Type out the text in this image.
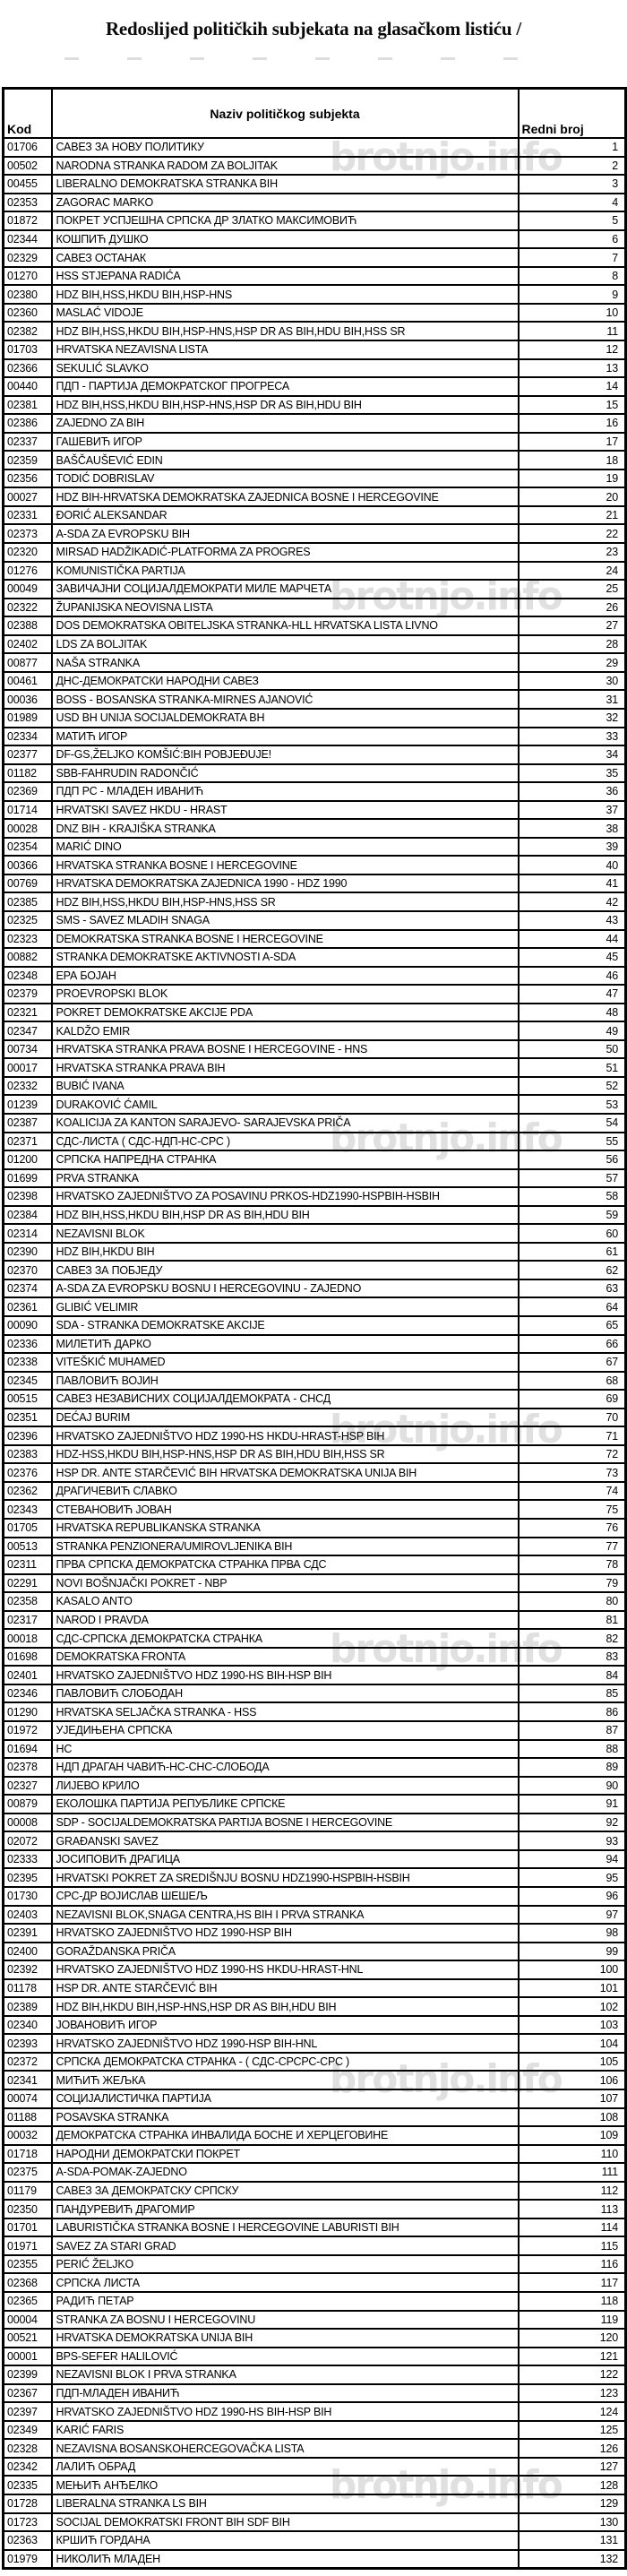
Redoslijed političkih subjekata na glasačkom listiću /
brotnjo.info
brotnjo.info
brotnjo.info
brotnjo.info
brotnjo.info
brotnjo.info
brotnjo.info
Kod	Naziv političkog subjekta	Redni broj
01706	САВЕЗ ЗА НОВУ ПОЛИТИКУ	1
00502	NARODNA STRANKA RADOM ZA BOLJITAK	2
00455	LIBERALNO DEMOKRATSKA STRANKA BIH	3
02353	ZAGORAC MARKO	4
01872	ПОКРЕТ УСПЈЕШНА СРПСКА ДР ЗЛАТКО МАКСИМОВИЋ	5
02344	КОШПИЋ ДУШКО	6
02329	САВЕЗ ОСТАНАК	7
01270	HSS STJEPANA RADIĆA	8
02380	HDZ BIH,HSS,HKDU BIH,HSP-HNS	9
02360	MASLAĆ VIDOJE	10
02382	HDZ BIH,HSS,HKDU BIH,HSP-HNS,HSP DR AS BIH,HDU BIH,HSS SR	11
01703	HRVATSKA NEZAVISNA LISTA	12
02366	SEKULIĆ SLAVKO	13
00440	ПДП - ПАРТИЈА ДЕМОКРАТСКОГ ПРОГРЕСА	14
02381	HDZ BIH,HSS,HKDU BIH,HSP-HNS,HSP DR AS BIH,HDU BIH	15
02386	ZAJEDNO ZA BIH	16
02337	ГАШЕВИЋ ИГОР	17
02359	BAŠČAUŠEVIĆ EDIN	18
02356	TODIĆ DOBRISLAV	19
00027	HDZ BIH-HRVATSKA DEMOKRATSKA ZAJEDNICA BOSNE I HERCEGOVINE	20
02331	ĐORIĆ ALEKSANDAR	21
02373	A-SDA ZA EVROPSKU BIH	22
02320	MIRSAD HADŽIKADIĆ-PLATFORMA ZA PROGRES	23
01276	KOMUNISTIČKA PARTIJA	24
00049	ЗАВИЧАЈНИ СОЦИЈАЛДЕМОКРАТИ МИЛЕ МАРЧЕТА	25
02322	ŽUPANIJSKA NEOVISNA LISTA	26
02388	DOS DEMOKRATSKA OBITELJSKA STRANKA-HLL HRVATSKA LISTA LIVNO	27
02402	LDS ZA BOLJITAK	28
00877	NAŠA STRANKA	29
00461	ДНС-ДЕМОКРАТСКИ НАРОДНИ САВЕЗ	30
00036	BOSS - BOSANSKA STRANKA-MIRNES AJANOVIĆ	31
01989	USD BH UNIJA SOCIJALDEMOKRATA BH	32
02334	МАТИЋ ИГОР	33
02377	DF-GS,ŽELJKO KOMŠIĆ:BIH POBJEĐUJE!	34
01182	SBB-FAHRUDIN RADONČIĆ	35
02369	ПДП РС - МЛАДЕН ИВАНИЋ	36
01714	HRVATSKI SAVEZ HKDU - HRAST	37
00028	DNZ BIH - KRAJIŠKA STRANKA	38
02354	MARIĆ DINO	39
00366	HRVATSKA STRANKA BOSNE I HERCEGOVINE	40
00769	HRVATSKA DEMOKRATSKA ZAJEDNICA 1990 - HDZ 1990	41
02385	HDZ BIH,HSS,HKDU BIH,HSP-HNS,HSS SR	42
02325	SMS - SAVEZ MLADIH SNAGA	43
02323	DEMOKRATSKA STRANKA BOSNE I HERCEGOVINE	44
00882	STRANKA DEMOKRATSKE AKTIVNOSTI A-SDA	45
02348	ЕРА БОЈАН	46
02379	PROEVROPSKI BLOK	47
02321	POKRET DEMOKRATSKE AKCIJE PDA	48
02347	KALDŽO EMIR	49
00734	HRVATSKA STRANKA PRAVA BOSNE I HERCEGOVINE - HNS	50
00017	HRVATSKA STRANKA PRAVA BIH	51
02332	BUBIĆ IVANA	52
01239	DURAKOVIĆ ĆAMIL	53
02387	KOALICIJA ZA KANTON SARAJEVO- SARAJEVSKA PRIČA	54
02371	СДС-ЛИСТА ( СДС-НДП-НС-СРС )	55
01200	СРПСКА НАПРЕДНА СТРАНКА	56
01699	PRVA STRANKA	57
02398	HRVATSKO ZAJEDNIŠTVO ZA POSAVINU PRKOS-HDZ1990-HSPBIH-HSBIH	58
02384	HDZ BIH,HSS,HKDU BIH,HSP DR AS BIH,HDU BIH	59
02314	NEZAVISNI BLOK	60
02390	HDZ BIH,HKDU BIH	61
02370	САВЕЗ ЗА ПОБЈЕДУ	62
02374	A-SDA ZA EVROPSKU BOSNU I HERCEGOVINU - ZAJEDNO	63
02361	GLIBIĆ VELIMIR	64
00090	SDA - STRANKA DEMOKRATSKE AKCIJE	65
02336	МИЛЕТИЋ ДАРКО	66
02338	VITEŠKIĆ MUHAMED	67
02345	ПАВЛОВИЋ ВОЈИН	68
00515	САВЕЗ НЕЗАВИСНИХ СОЦИЈАЛДЕМОКРАТА - СНСД	69
02351	DEĆAJ BURIM	70
02396	HRVATSKO ZAJEDNIŠTVO HDZ 1990-HS HKDU-HRAST-HSP BIH	71
02383	HDZ-HSS,HKDU BIH,HSP-HNS,HSP DR AS BIH,HDU BIH,HSS SR	72
02376	HSP DR. ANTE STARČEVIĆ BIH HRVATSKA DEMOKRATSKA UNIJA BIH	73
02362	ДРАГИЧЕВИЋ СЛАВКО	74
02343	СТЕВАНОВИЋ ЈОВАН	75
01705	HRVATSKA REPUBLIKANSKA STRANKA	76
00513	STRANKA PENZIONERA/UMIROVLJENIKA BIH	77
02311	ПРВА СРПСКА ДЕМОКРАТСКА СТРАНКА ПРВА СДС	78
02291	NOVI BOŠNJAČKI POKRET - NBP	79
02358	KASALO ANTO	80
02317	NAROD I PRAVDA	81
00018	СДС-СРПСКА ДЕМОКРАТСКА СТРАНКА	82
01698	DEMOKRATSKA FRONTA	83
02401	HRVATSKO ZAJEDNIŠTVO HDZ 1990-HS BIH-HSP BIH	84
02346	ПАВЛОВИЋ СЛОБОДАН	85
01290	HRVATSKA SELJAČKA STRANKA - HSS	86
01972	УЈЕДИЊЕНА СРПСКА	87
01694	НС	88
02378	НДП ДРАГАН ЧАВИЋ-НС-СНС-СЛОБОДА	89
02327	ЛИЈЕВО КРИЛО	90
00879	ЕКОЛОШКА ПАРТИЈА РЕПУБЛИКЕ СРПСКЕ	91
00008	SDP - SOCIJALDEMOKRATSKA PARTIJA BOSNE I HERCEGOVINE	92
02072	GRAĐANSKI SAVEZ	93
02333	ЈОСИПОВИЋ ДРАГИЦА	94
02395	HRVATSKI POKRET ZA SREDIŠNJU BOSNU HDZ1990-HSPBIH-HSBIH	95
01730	СРС-ДР ВОЈИСЛАВ ШЕШЕЉ	96
02403	NEZAVISNI BLOK,SNAGA CENTRA,HS BIH I PRVA STRANKA	97
02391	HRVATSKO ZAJEDNIŠTVO HDZ 1990-HSP BIH	98
02400	GORAŽDANSKA PRIČA	99
02392	HRVATSKO ZAJEDNIŠTVO HDZ 1990-HS HKDU-HRAST-HNL	100
01178	HSP DR. ANTE STARČEVIĆ BIH	101
02389	HDZ BIH,HKDU BIH,HSP-HNS,HSP DR AS BIH,HDU BIH	102
02340	ЈОВАНОВИЋ ИГОР	103
02393	HRVATSKO ZAJEDNIŠTVO HDZ 1990-HSP BIH-HNL	104
02372	СРПСКА ДЕМОКРАТСКА СТРАНКА - ( СДС-СРСРС-СРС )	105
02341	МИЋИЋ ЖЕЉКА	106
00074	СОЦИЈАЛИСТИЧКА ПАРТИЈА	107
01188	POSAVSKA STRANKA	108
00032	ДЕМОКРАТСКА СТРАНКА ИНВАЛИДА БОСНЕ И ХЕРЦЕГОВИНЕ	109
01718	НАРОДНИ ДЕМОКРАТСКИ ПОКРЕТ	110
02375	A-SDA-POMAK-ZAJEDNO	111
01179	САВЕЗ ЗА ДЕМОКРАТСКУ СРПСКУ	112
02350	ПАНДУРЕВИЋ ДРАГОМИР	113
01701	LABURISTIČKA STRANKA BOSNE I HERCEGOVINE LABURISTI BIH	114
01971	SAVEZ ZA STARI GRAD	115
02355	PERIĆ ŽELJKO	116
02368	СРПСКА ЛИСТА	117
02365	РАДИЋ ПЕТАР	118
00004	STRANKA ZA BOSNU I HERCEGOVINU	119
00521	HRVATSKA DEMOKRATSKA UNIJA BIH	120
00001	BPS-SEFER HALILOVIĆ	121
02399	NEZAVISNI BLOK I PRVA STRANKA	122
02367	ПДП-МЛАДЕН ИВАНИЋ	123
02397	HRVATSKO ZAJEDNIŠTVO HDZ 1990-HS BIH-HSP BIH	124
02349	KARIĆ FARIS	125
02328	NEZAVISNA BOSANSKOHERCEGOVAČKA LISTA	126
02342	ЛАЛИЋ ОБРАД	127
02335	МЕЊИЋ АНЂЕЛКО	128
01728	LIBERALNA STRANKA LS BIH	129
01723	SOCIJAL DEMOKRATSKI FRONT BIH SDF BIH	130
02363	КРШИЋ ГОРДАНА	131
01979	НИКОЛИЋ МЛАДЕН	132
